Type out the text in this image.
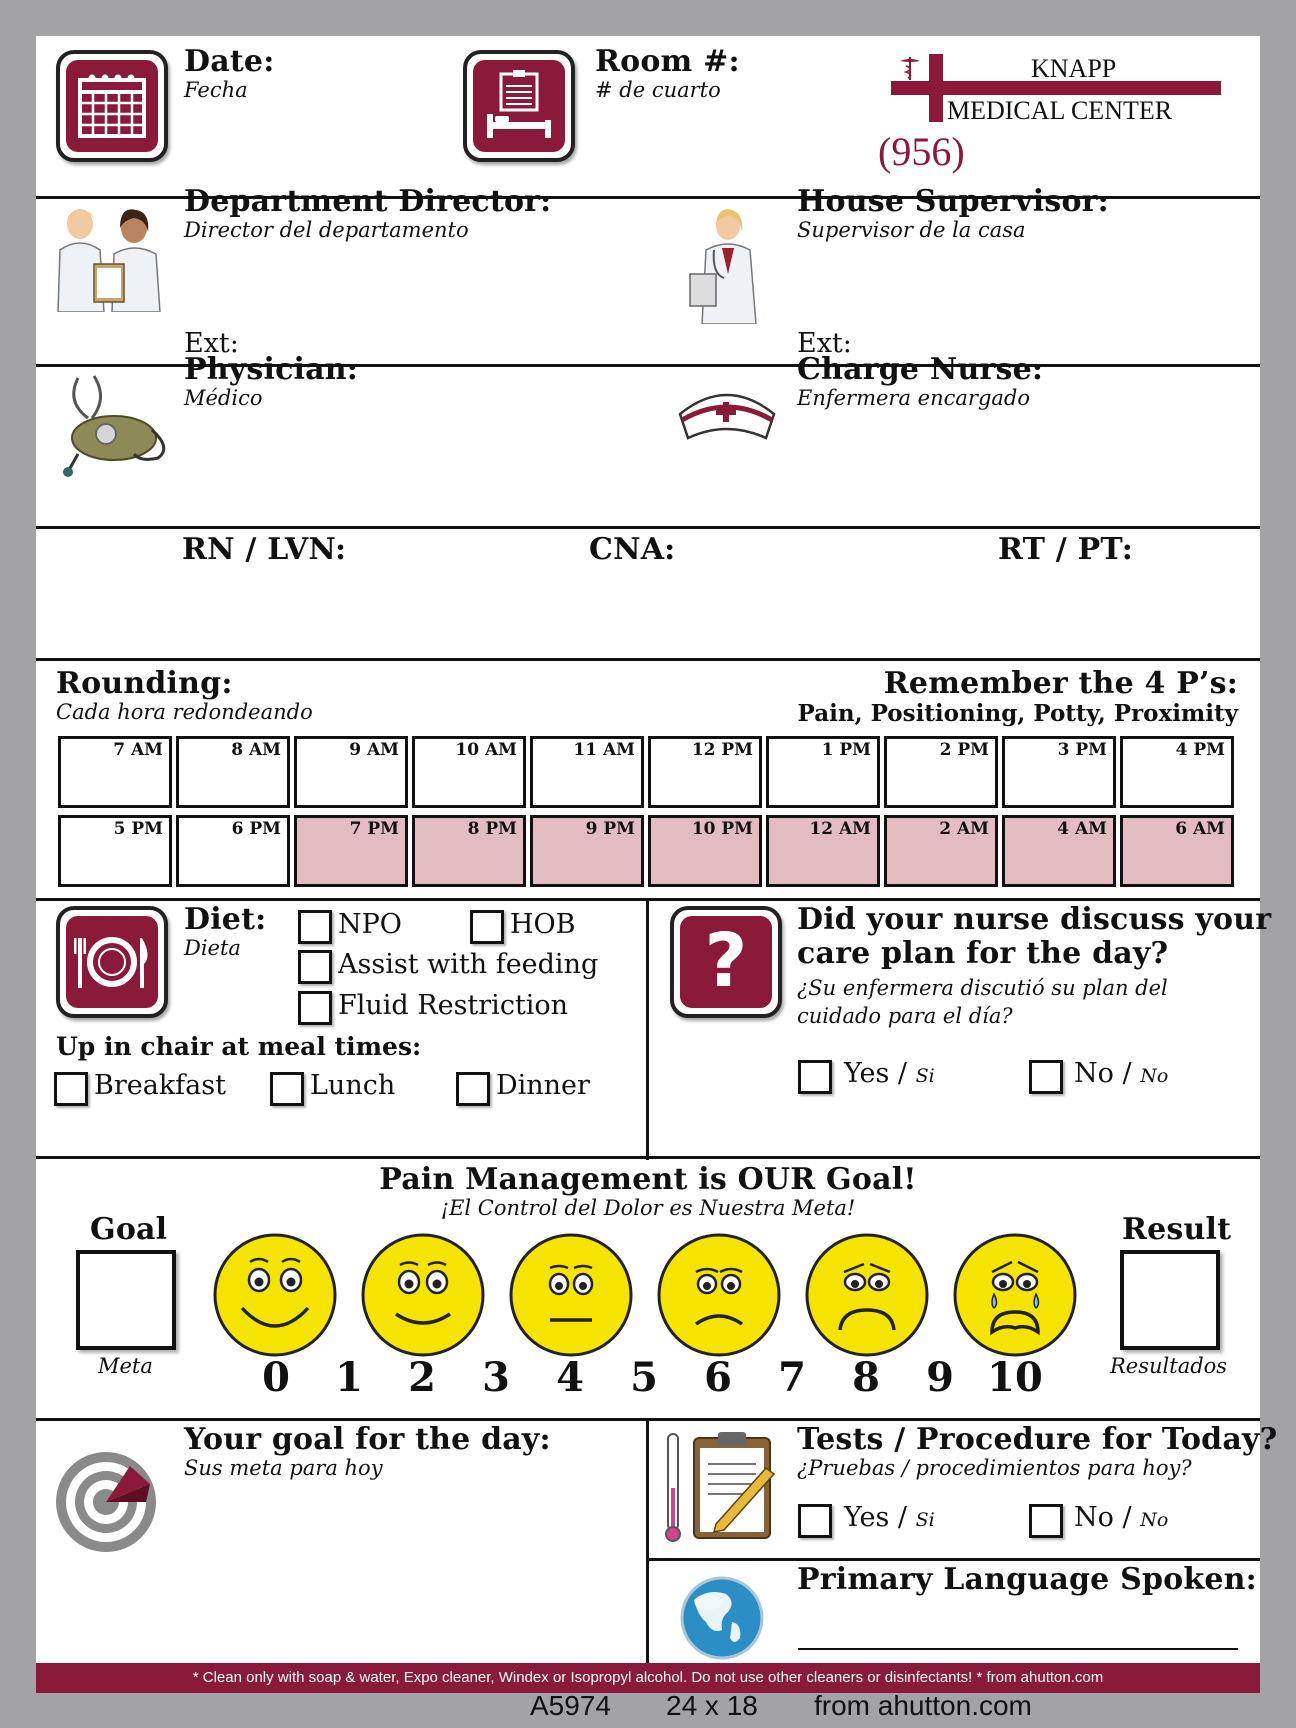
Date:
Fecha
Room #:
# de cuarto
KNAPP
MEDICAL CENTER
(956)
Department Director:
Director del departamento
Ext:
House Supervisor:
Supervisor de la casa
Ext:
Physician:
Médico
Charge Nurse:
Enfermera encargado
RN / LVN:	CNA:	RT / PT:
Rounding:
Cada hora redondeando
Remember the 4 P’s:
Pain, Positioning, Potty, Proximity
7 AM	8 AM	9 AM	10 AM	11 AM	12 PM	1 PM	2 PM	3 PM	4 PM
5 PM	6 PM	7 PM	8 PM	9 PM	10 PM	12 AM	2 AM	4 AM	6 AM
Diet:
Dieta
NPO	HOB
Assist with feeding
Fluid Restriction
Up in chair at meal times:
Breakfast	Lunch	Dinner
?	Did your nurse discuss your
care plan for the day?
¿Su enfermera discutió su plan del
cuidado para el día?
Yes / Si	No / No
Pain Management is OUR Goal!
¡El Control del Dolor es Nuestra Meta!
Goal
Meta
Result
Resultados
0 1 2 3 4 5 6 7 8 9 10
Your goal for the day:
Sus meta para hoy
Tests / Procedure for Today?
¿Pruebas / procedimientos para hoy?
Yes / Si	No / No
Primary Language Spoken:
* Clean only with soap & water, Expo cleaner, Windex or Isopropyl alcohol. Do not use other cleaners or disinfectants! * from ahutton.com
A5974 24 x 18 from ahutton.com
